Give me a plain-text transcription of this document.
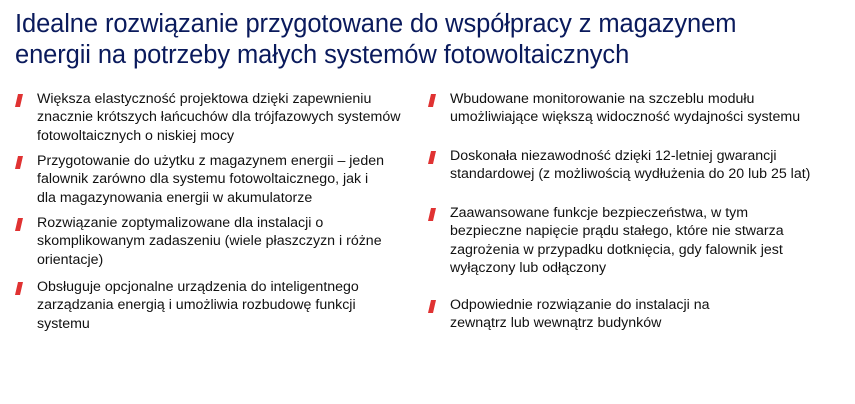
Idealne rozwiązanie przygotowane do współpracy z magazynem
energii na potrzeby małych systemów fotowoltaicznych
Większa elastyczność projektowa dzięki zapewnieniu
znacznie krótszych łańcuchów dla trójfazowych systemów
fotowoltaicznych o niskiej mocy
Przygotowanie do użytku z magazynem energii – jeden
falownik zarówno dla systemu fotowoltaicznego, jak i
dla magazynowania energii w akumulatorze
Rozwiązanie zoptymalizowane dla instalacji o
skomplikowanym zadaszeniu (wiele płaszczyzn i różne
orientacje)
Obsługuje opcjonalne urządzenia do inteligentnego
zarządzania energią i umożliwia rozbudowę funkcji
systemu
Wbudowane monitorowanie na szczeblu modułu
umożliwiające większą widoczność wydajności systemu
Doskonała niezawodność dzięki 12-letniej gwarancji
standardowej (z możliwością wydłużenia do 20 lub 25 lat)
Zaawansowane funkcje bezpieczeństwa, w tym
bezpieczne napięcie prądu stałego, które nie stwarza
zagrożenia w przypadku dotknięcia, gdy falownik jest
wyłączony lub odłączony
Odpowiednie rozwiązanie do instalacji na
zewnątrz lub wewnątrz budynków
